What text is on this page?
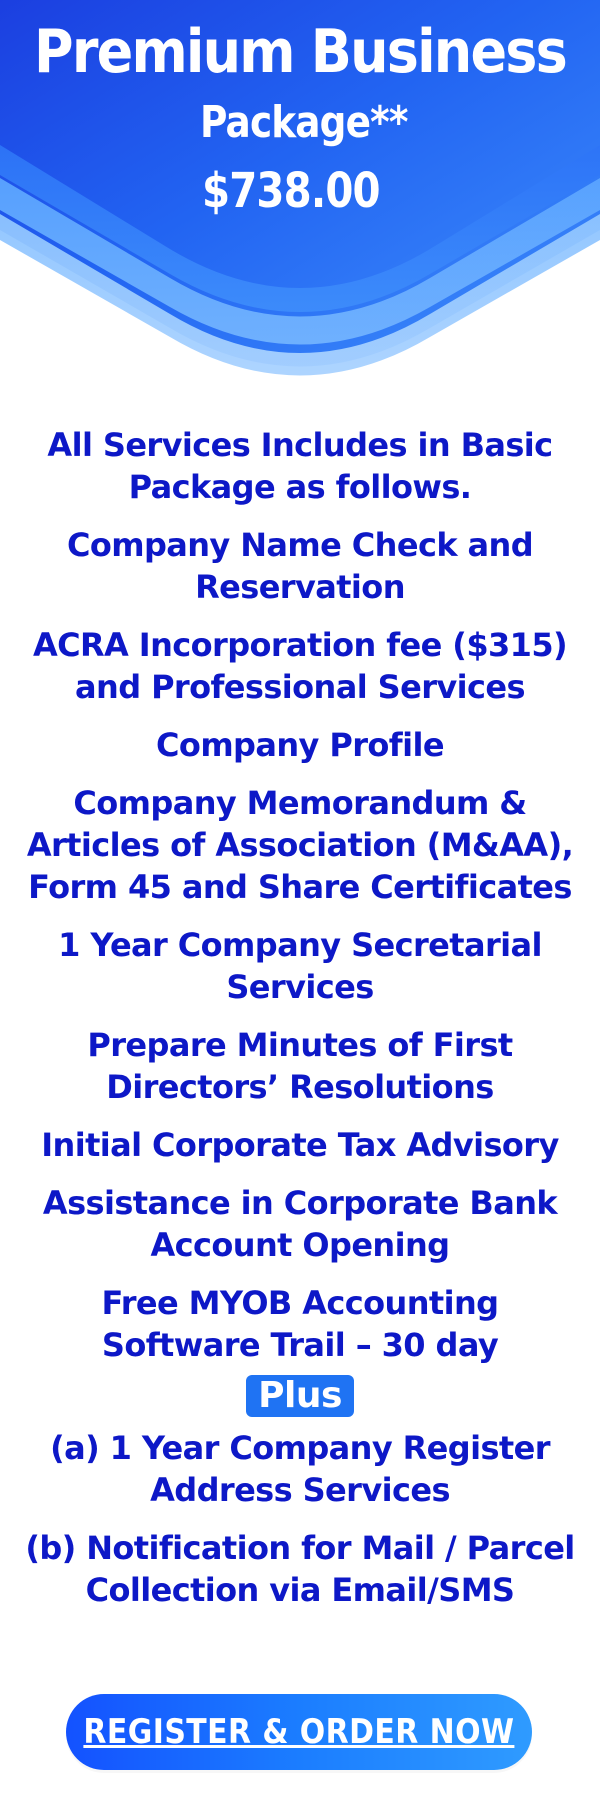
Premium Business
Package**
$738.00
All Services Includes in Basic
Package as follows.
Company Name Check and
Reservation
ACRA Incorporation fee ($315)
and Professional Services
Company Profile
Company Memorandum &
Articles of Association (M&AA),
Form 45 and Share Certificates
1 Year Company Secretarial
Services
Prepare Minutes of First
Directors’ Resolutions
Initial Corporate Tax Advisory
Assistance in Corporate Bank
Account Opening
Free MYOB Accounting
Software Trail – 30 day
Plus
(a) 1 Year Company Register
Address Services
(b) Notification for Mail / Parcel
Collection via Email/SMS
REGISTER & ORDER NOW
